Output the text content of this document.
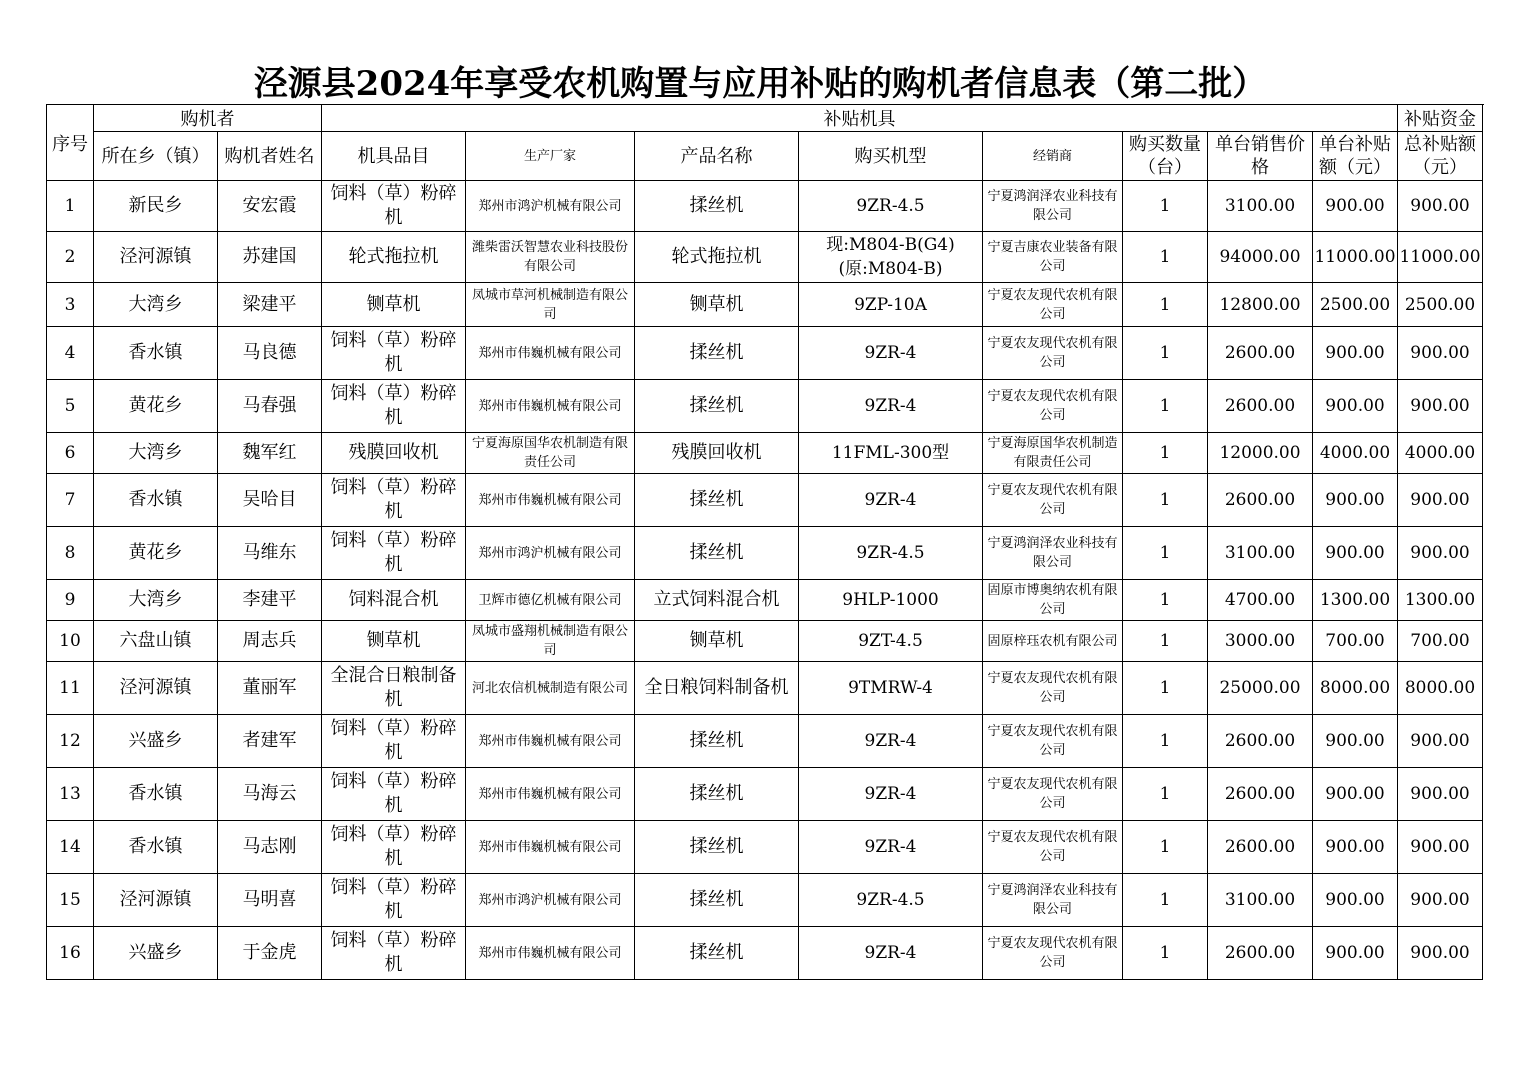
泾源县2024年享受农机购置与应用补贴的购机者信息表（第二批）
序号	购机者		补贴机具								补贴资金
	所在乡（镇）	购机者姓名	机具品目	生产厂家	产品名称	购买机型	经销商	购买数量（台）	单台销售价格	单台补贴额（元）	总补贴额（元）
1	新民乡	安宏霞	饲料（草）粉碎机	郑州市鸿沪机械有限公司	揉丝机	9ZR-4.5	宁夏鸿润泽农业科技有限公司	1	3100.00	900.00	900.00
2	泾河源镇	苏建国	轮式拖拉机	潍柴雷沃智慧农业科技股份有限公司	轮式拖拉机	现:M804-B(G4)(原:M804-B)	宁夏吉康农业装备有限公司	1	94000.00	11000.00	11000.00
3	大湾乡	梁建平	铡草机	凤城市草河机械制造有限公司	铡草机	9ZP-10A	宁夏农友现代农机有限公司	1	12800.00	2500.00	2500.00
4	香水镇	马良德	饲料（草）粉碎机	郑州市伟巍机械有限公司	揉丝机	9ZR-4	宁夏农友现代农机有限公司	1	2600.00	900.00	900.00
5	黄花乡	马春强	饲料（草）粉碎机	郑州市伟巍机械有限公司	揉丝机	9ZR-4	宁夏农友现代农机有限公司	1	2600.00	900.00	900.00
6	大湾乡	魏军红	残膜回收机	宁夏海原国华农机制造有限责任公司	残膜回收机	11FML-300型	宁夏海原国华农机制造有限责任公司	1	12000.00	4000.00	4000.00
7	香水镇	吴哈目	饲料（草）粉碎机	郑州市伟巍机械有限公司	揉丝机	9ZR-4	宁夏农友现代农机有限公司	1	2600.00	900.00	900.00
8	黄花乡	马维东	饲料（草）粉碎机	郑州市鸿沪机械有限公司	揉丝机	9ZR-4.5	宁夏鸿润泽农业科技有限公司	1	3100.00	900.00	900.00
9	大湾乡	李建平	饲料混合机	卫辉市德亿机械有限公司	立式饲料混合机	9HLP-1000	固原市博奥纳农机有限公司	1	4700.00	1300.00	1300.00
10	六盘山镇	周志兵	铡草机	凤城市盛翔机械制造有限公司	铡草机	9ZT-4.5	固原梓珏农机有限公司	1	3000.00	700.00	700.00
11	泾河源镇	董丽军	全混合日粮制备机	河北农信机械制造有限公司	全日粮饲料制备机	9TMRW-4	宁夏农友现代农机有限公司	1	25000.00	8000.00	8000.00
12	兴盛乡	者建军	饲料（草）粉碎机	郑州市伟巍机械有限公司	揉丝机	9ZR-4	宁夏农友现代农机有限公司	1	2600.00	900.00	900.00
13	香水镇	马海云	饲料（草）粉碎机	郑州市伟巍机械有限公司	揉丝机	9ZR-4	宁夏农友现代农机有限公司	1	2600.00	900.00	900.00
14	香水镇	马志刚	饲料（草）粉碎机	郑州市伟巍机械有限公司	揉丝机	9ZR-4	宁夏农友现代农机有限公司	1	2600.00	900.00	900.00
15	泾河源镇	马明喜	饲料（草）粉碎机	郑州市鸿沪机械有限公司	揉丝机	9ZR-4.5	宁夏鸿润泽农业科技有限公司	1	3100.00	900.00	900.00
16	兴盛乡	于金虎	饲料（草）粉碎机	郑州市伟巍机械有限公司	揉丝机	9ZR-4	宁夏农友现代农机有限公司	1	2600.00	900.00	900.00
